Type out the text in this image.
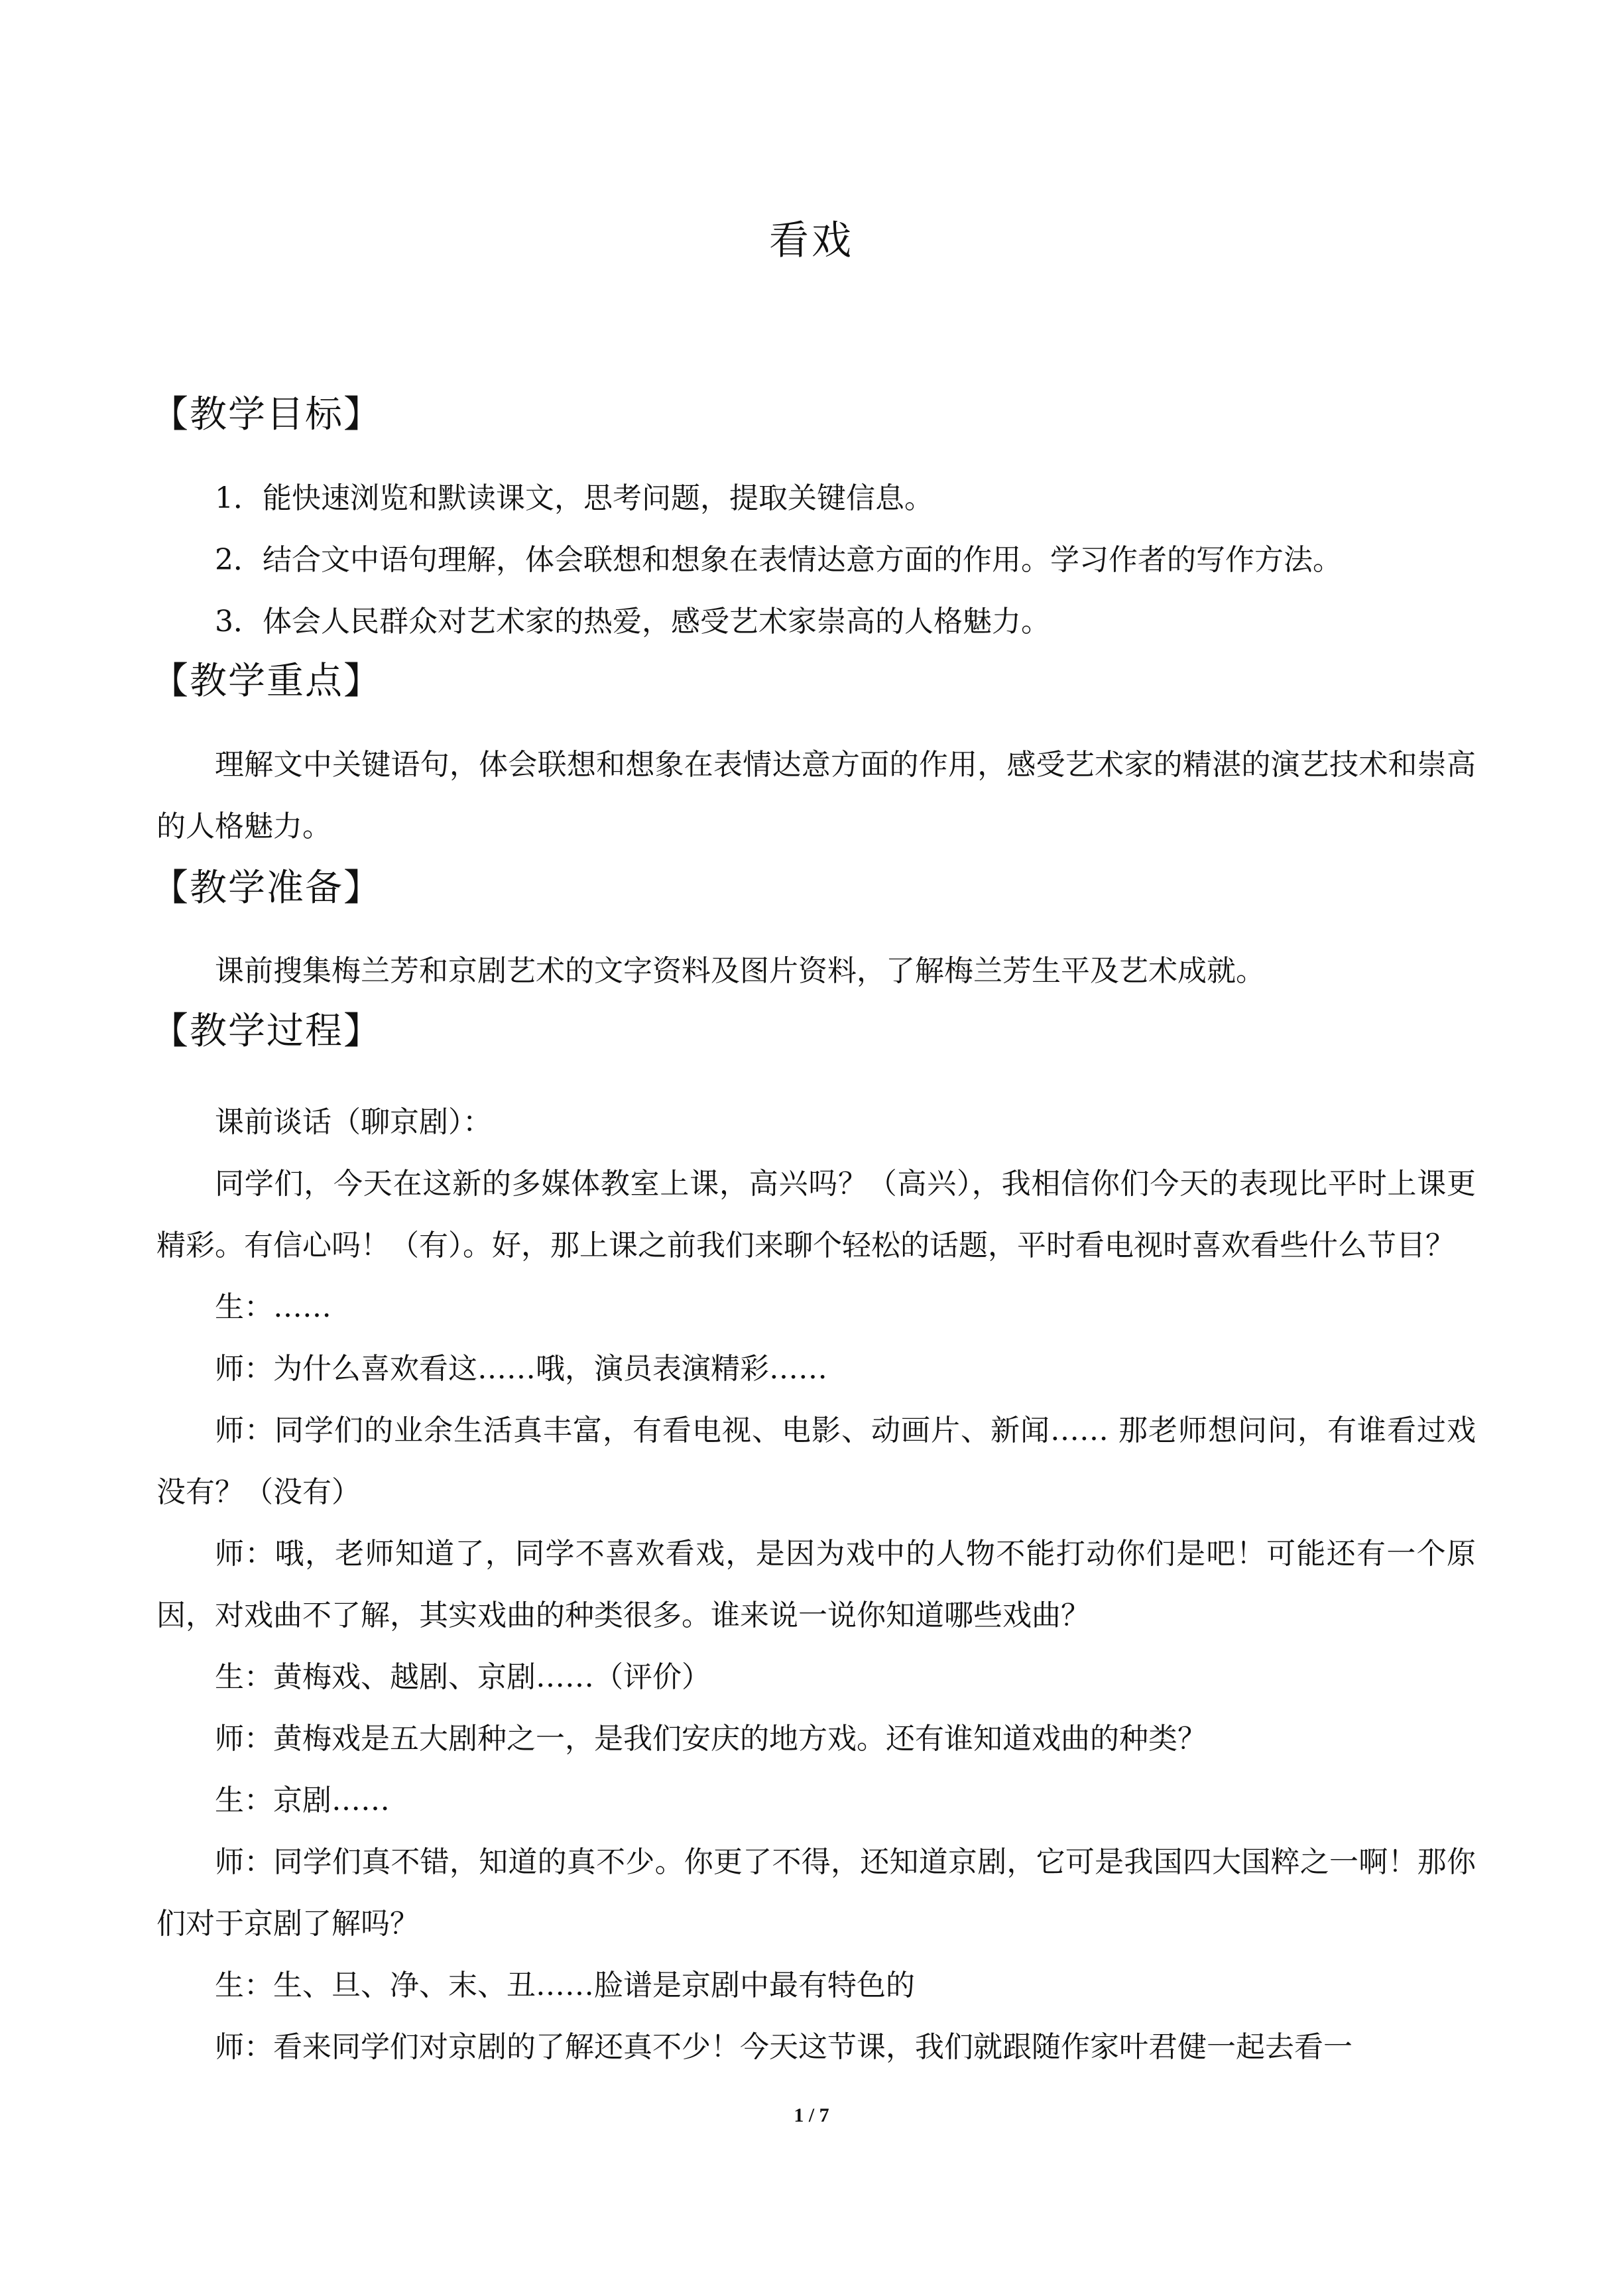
看戏
【教学目标】

1．能快速浏览和默读课文，思考问题，提取关键信息。

2．结合文中语句理解，体会联想和想象在表情达意方面的作用。学习作者的写作方法。

3．体会人民群众对艺术家的热爱，感受艺术家崇高的人格魅力。

【教学重点】

理解文中关键语句，体会联想和想象在表情达意方面的作用，感受艺术家的精湛的演艺技术和崇高的人格魅力。

【教学准备】

课前搜集梅兰芳和京剧艺术的文字资料及图片资料，了解梅兰芳生平及艺术成就。

【教学过程】

课前谈话（聊京剧）：

同学们，今天在这新的多媒体教室上课，高兴吗？（高兴），我相信你们今天的表现比平时上课更精彩。有信心吗！（有）。好，那上课之前我们来聊个轻松的话题，平时看电视时喜欢看些什么节目？

生：……

师：为什么喜欢看这……哦，演员表演精彩……

师：同学们的业余生活真丰富，有看电视、电影、动画片、新闻…… 那老师想问问，有谁看过戏没有？（没有）

师：哦，老师知道了，同学不喜欢看戏，是因为戏中的人物不能打动你们是吧！可能还有一个原因，对戏曲不了解，其实戏曲的种类很多。谁来说一说你知道哪些戏曲？

生：黄梅戏、越剧、京剧……（评价）

师：黄梅戏是五大剧种之一，是我们安庆的地方戏。还有谁知道戏曲的种类？

生：京剧……

师：同学们真不错，知道的真不少。你更了不得，还知道京剧，它可是我国四大国粹之一啊！那你们对于京剧了解吗？

生：生、旦、净、末、丑……脸谱是京剧中最有特色的

师：看来同学们对京剧的了解还真不少！今天这节课，我们就跟随作家叶君健一起去看一

1 / 7
